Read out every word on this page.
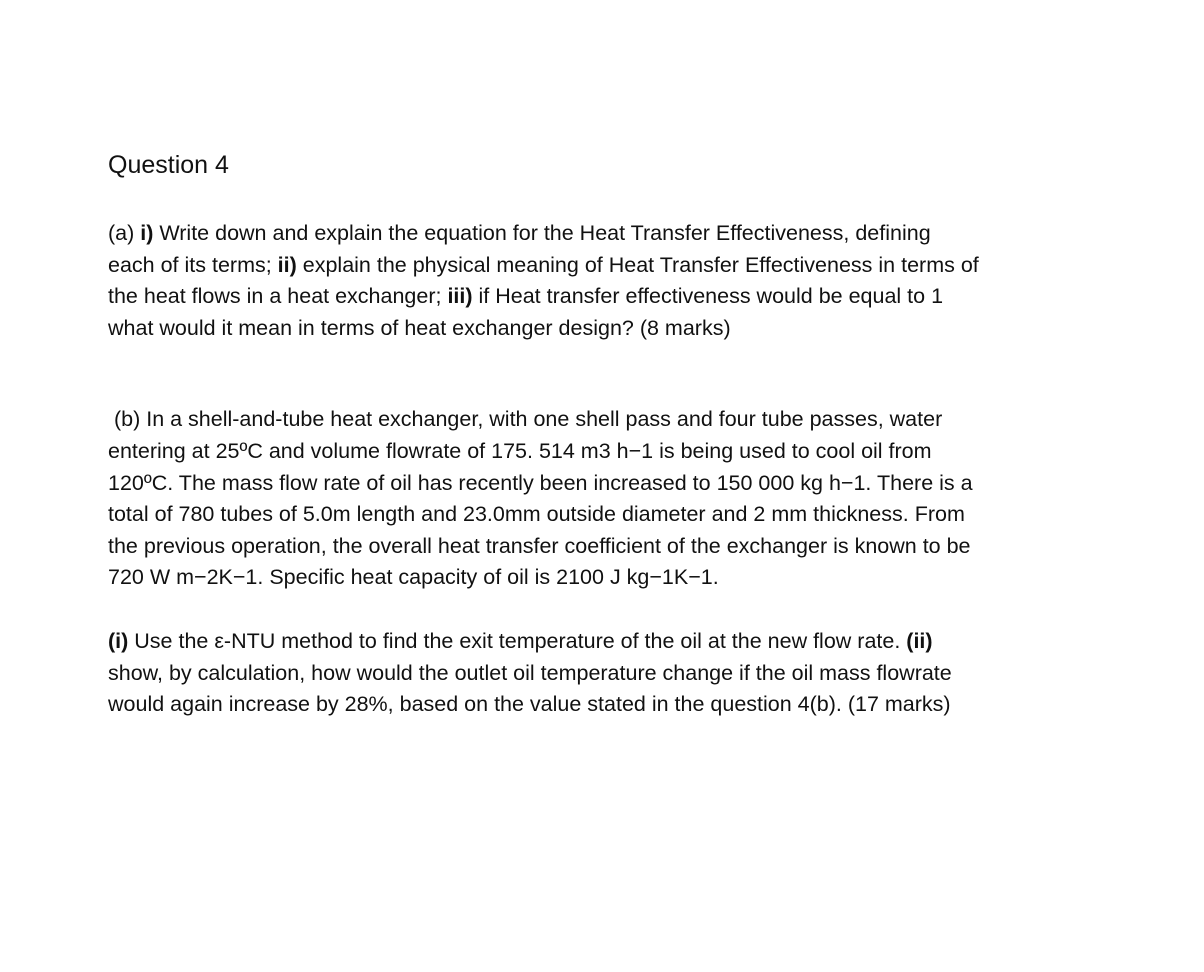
Question 4

(a) i) Write down and explain the equation for the Heat Transfer Effectiveness, defining
each of its terms; ii) explain the physical meaning of Heat Transfer Effectiveness in terms of
the heat flows in a heat exchanger; iii) if Heat transfer effectiveness would be equal to 1
what would it mean in terms of heat exchanger design? (8 marks)

(b) In a shell-and-tube heat exchanger, with one shell pass and four tube passes, water
entering at 25ºC and volume flowrate of 175. 514 m3 h−1 is being used to cool oil from
120ºC. The mass flow rate of oil has recently been increased to 150 000 kg h−1. There is a
total of 780 tubes of 5.0m length and 23.0mm outside diameter and 2 mm thickness. From
the previous operation, the overall heat transfer coefficient of the exchanger is known to be
720 W m−2K−1. Specific heat capacity of oil is 2100 J kg−1K−1.

(i) Use the ε-NTU method to find the exit temperature of the oil at the new flow rate. (ii)
show, by calculation, how would the outlet oil temperature change if the oil mass flowrate
would again increase by 28%, based on the value stated in the question 4(b). (17 marks)
